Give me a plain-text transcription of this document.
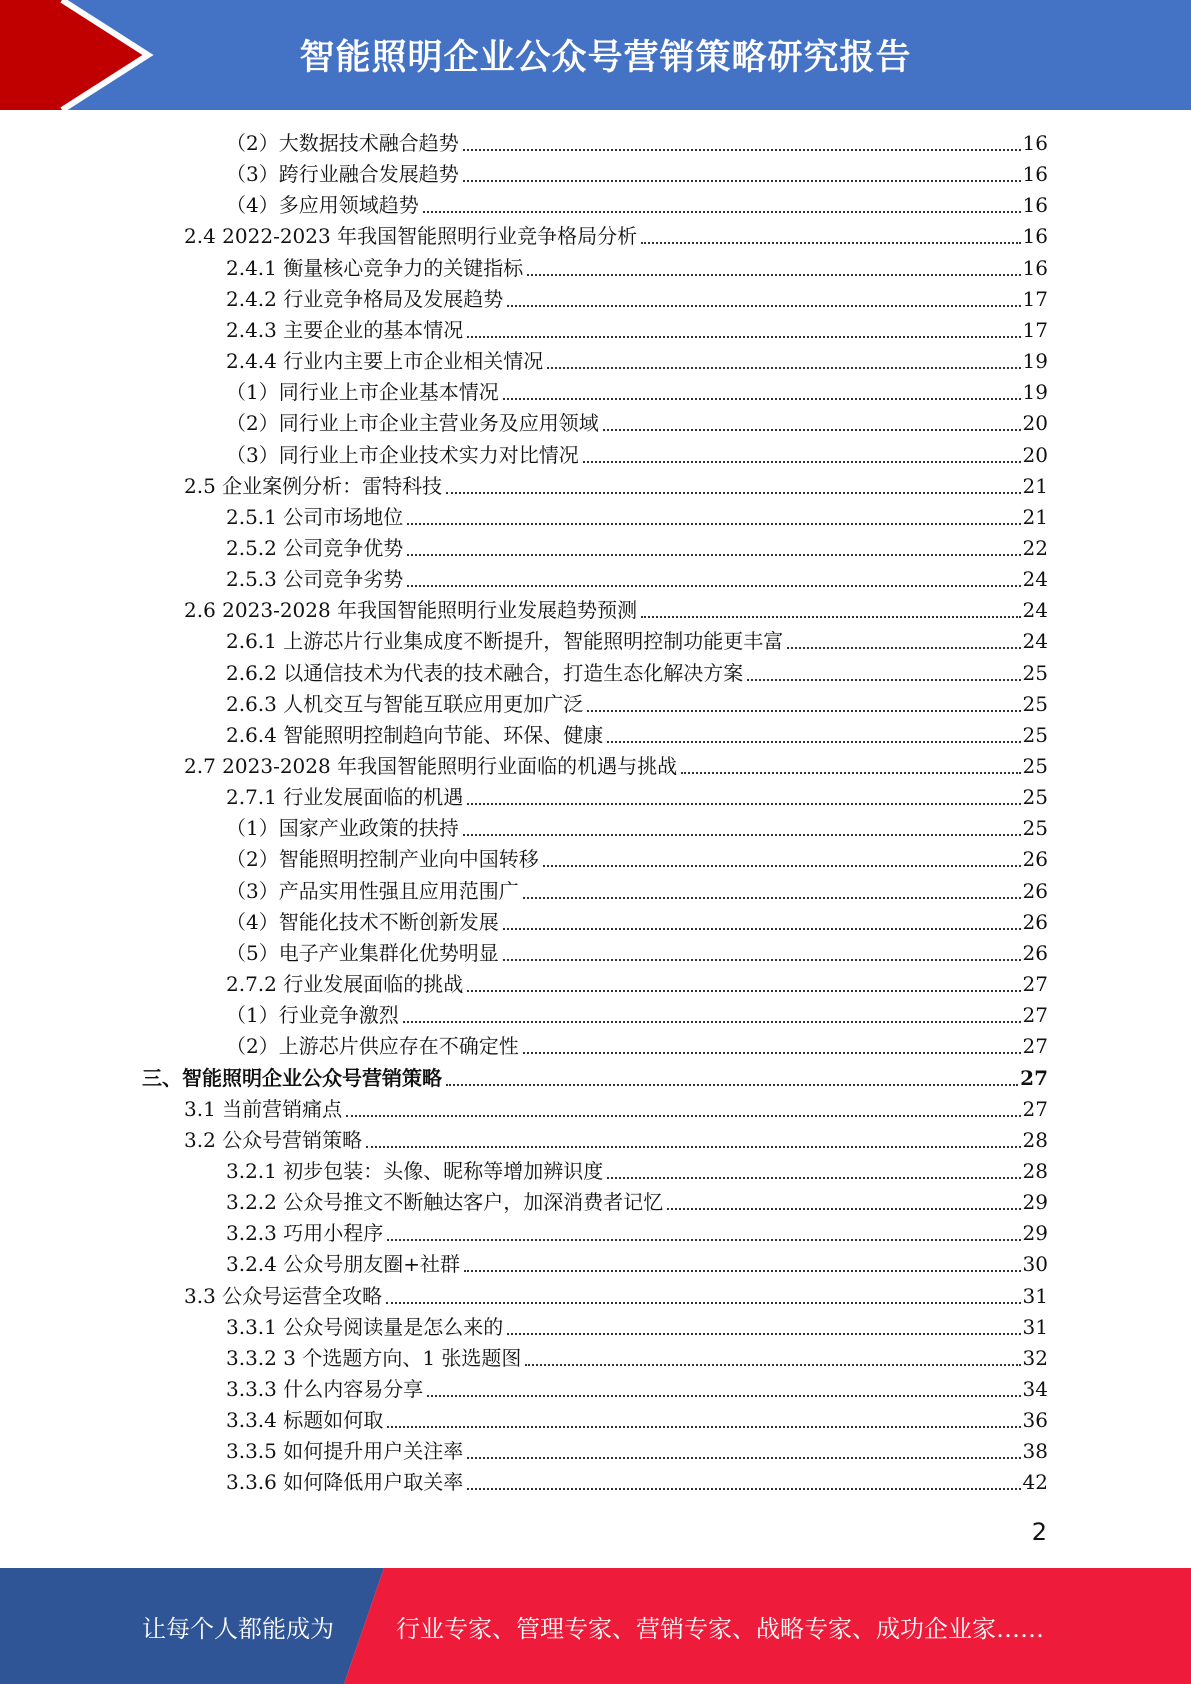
智能照明企业公众号营销策略研究报告
（2）大数据技术融合趋势	16
（3）跨行业融合发展趋势	16
（4）多应用领域趋势	16
2.4 2022-2023 年我国智能照明行业竞争格局分析	16
2.4.1 衡量核心竞争力的关键指标	16
2.4.2 行业竞争格局及发展趋势	17
2.4.3 主要企业的基本情况	17
2.4.4 行业内主要上市企业相关情况	19
（1）同行业上市企业基本情况	19
（2）同行业上市企业主营业务及应用领域	20
（3）同行业上市企业技术实力对比情况	20
2.5 企业案例分析：雷特科技	21
2.5.1 公司市场地位	21
2.5.2 公司竞争优势	22
2.5.3 公司竞争劣势	24
2.6 2023-2028 年我国智能照明行业发展趋势预测	24
2.6.1 上游芯片行业集成度不断提升，智能照明控制功能更丰富	24
2.6.2 以通信技术为代表的技术融合，打造生态化解决方案	25
2.6.3 人机交互与智能互联应用更加广泛	25
2.6.4 智能照明控制趋向节能、环保、健康	25
2.7 2023-2028 年我国智能照明行业面临的机遇与挑战	25
2.7.1 行业发展面临的机遇	25
（1）国家产业政策的扶持	25
（2）智能照明控制产业向中国转移	26
（3）产品实用性强且应用范围广	26
（4）智能化技术不断创新发展	26
（5）电子产业集群化优势明显	26
2.7.2 行业发展面临的挑战	27
（1）行业竞争激烈	27
（2）上游芯片供应存在不确定性	27
三、智能照明企业公众号营销策略	27
3.1 当前营销痛点	27
3.2 公众号营销策略	28
3.2.1 初步包装：头像、昵称等增加辨识度	28
3.2.2 公众号推文不断触达客户，加深消费者记忆	29
3.2.3 巧用小程序	29
3.2.4 公众号朋友圈+社群	30
3.3 公众号运营全攻略	31
3.3.1 公众号阅读量是怎么来的	31
3.3.2 3 个选题方向、1 张选题图	32
3.3.3 什么内容易分享	34
3.3.4 标题如何取	36
3.3.5 如何提升用户关注率	38
3.3.6 如何降低用户取关率	42
2
让每个人都能成为	行业专家、管理专家、营销专家、战略专家、成功企业家……
